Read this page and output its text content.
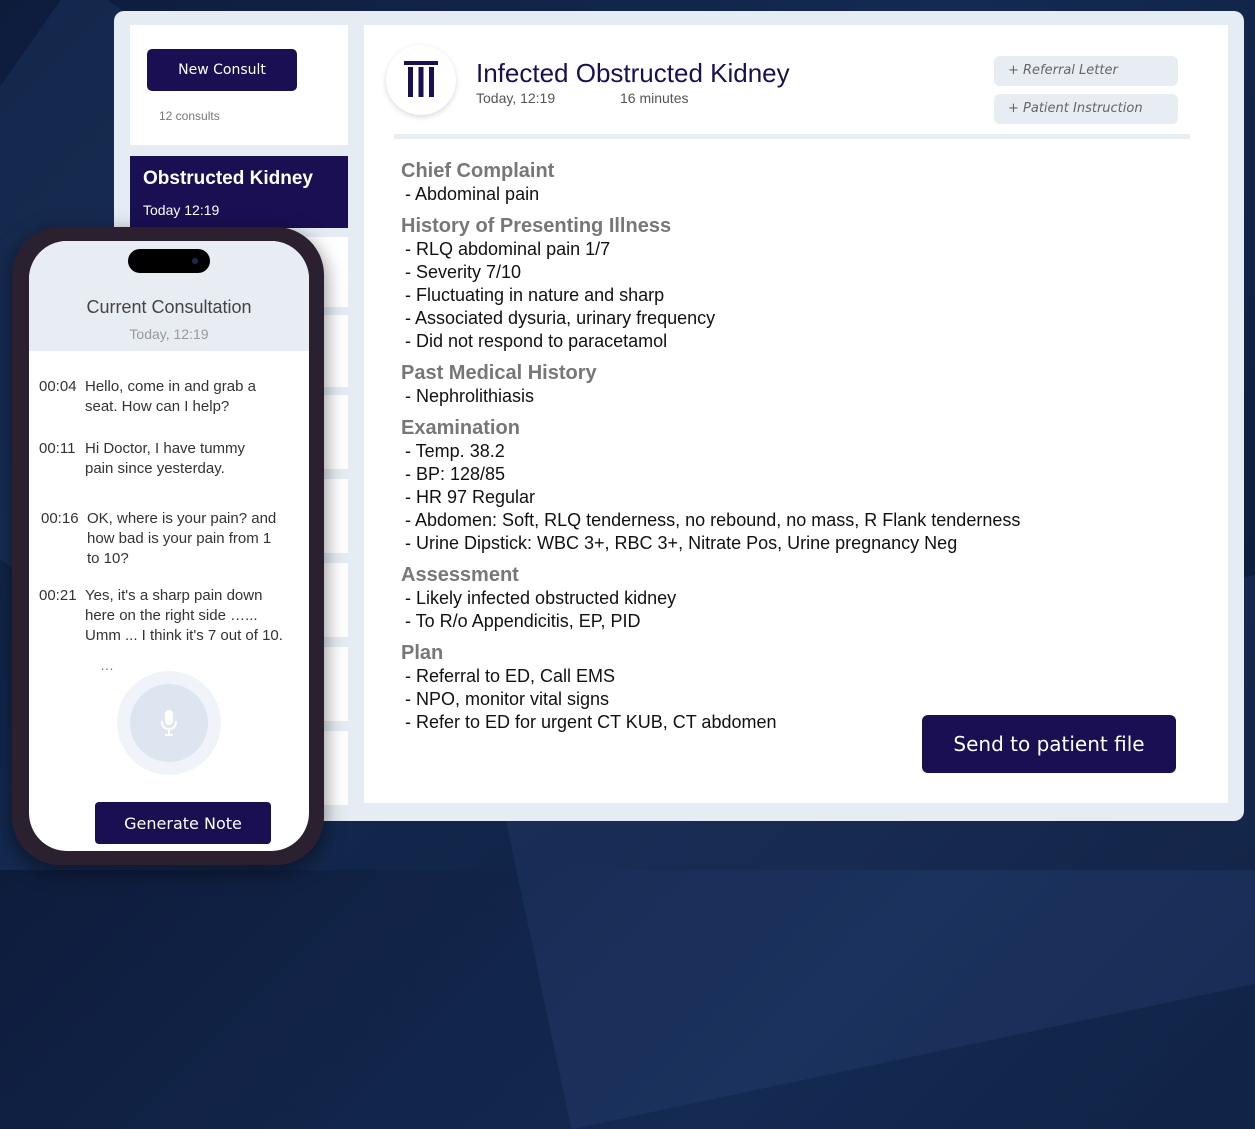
New Consult
12 consults
Obstructed Kidney
Today 12:19
Infected Obstructed Kidney
Today, 12:19	16 minutes
+ Referral Letter
+ Patient Instruction
Chief Complaint
- Abdominal pain
History of Presenting Illness
- RLQ abdominal pain 1/7
- Severity 7/10
- Fluctuating in nature and sharp
- Associated dysuria, urinary frequency
- Did not respond to paracetamol
Past Medical History
- Nephrolithiasis
Examination
- Temp. 38.2
- BP: 128/85
- HR 97 Regular
- Abdomen: Soft, RLQ tenderness, no rebound, no mass, R Flank tenderness
- Urine Dipstick: WBC 3+, RBC 3+, Nitrate Pos, Urine pregnancy Neg
Assessment
- Likely infected obstructed kidney
- To R/o Appendicitis, EP, PID
Plan
- Referral to ED, Call EMS
- NPO, monitor vital signs
- Refer to ED for urgent CT KUB, CT abdomen
Send to patient file
Current Consultation
Today, 12:19
00:04 Hello, come in and grab a
seat. How can I help?
00:11 Hi Doctor, I have tummy
pain since yesterday.
00:16 OK, where is your pain? and
how bad is your pain from 1
to 10?
00:21 Yes, it's a sharp pain down
here on the right side …...
Umm ... I think it's 7 out of 10.
…
Generate Note
